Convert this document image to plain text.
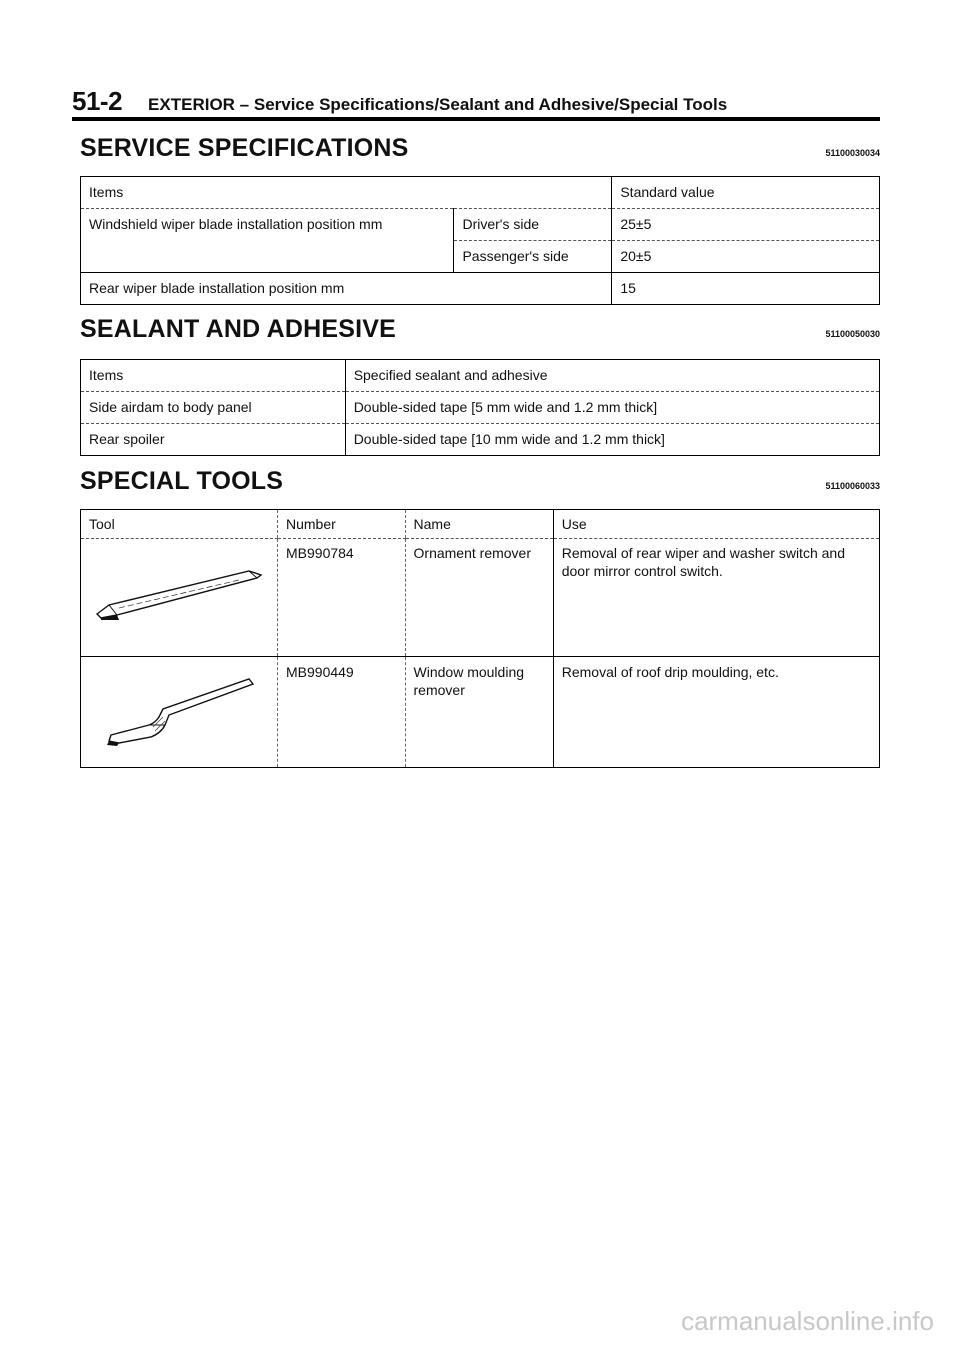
51-2 EXTERIOR – Service Specifications/Sealant and Adhesive/Special Tools
SERVICE SPECIFICATIONS	51100030034
Items		Standard value
Windshield wiper blade installation position mm	Driver's side	25±5
	Passenger's side	20±5
Rear wiper blade installation position mm		15
SEALANT AND ADHESIVE	51100050030
Items	Specified sealant and adhesive
Side airdam to body panel	Double-sided tape [5 mm wide and 1.2 mm thick]
Rear spoiler	Double-sided tape [10 mm wide and 1.2 mm thick]
SPECIAL TOOLS	51100060033
Tool	Number	Name	Use

	MB990784	Ornament remover	Removal of rear wiper and washer switch and door mirror control switch.

	MB990449	Window moulding remover	Removal of roof drip moulding, etc.
carmanualsonline.info
